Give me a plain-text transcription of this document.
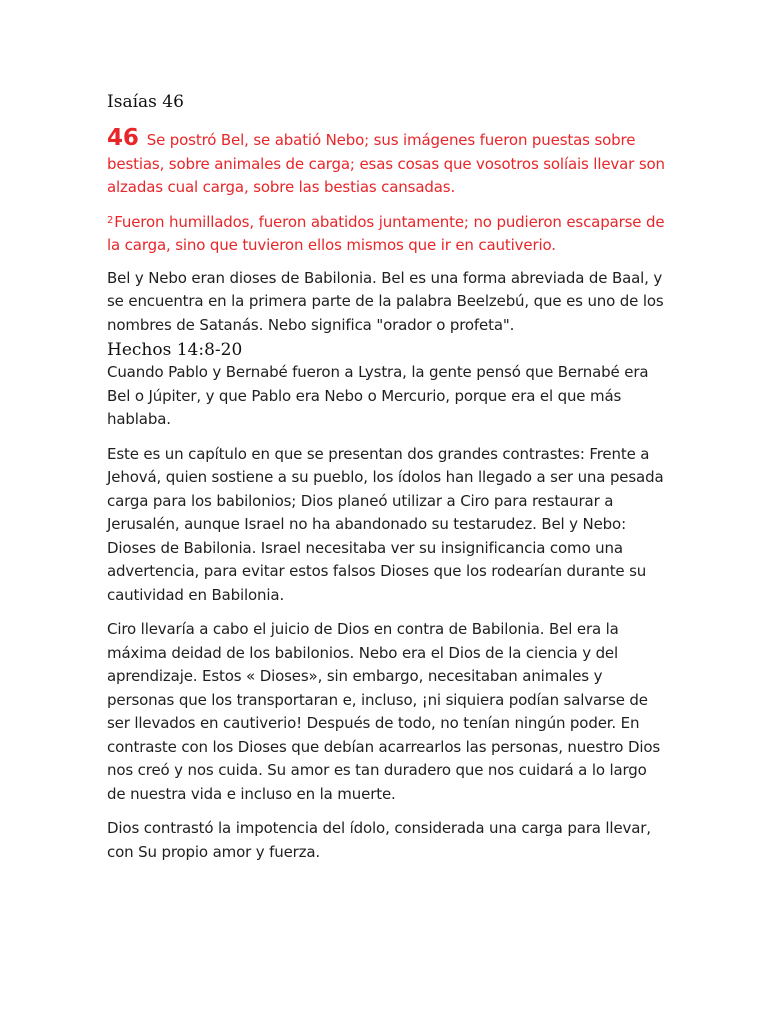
Isaías 46

46 Se postró Bel, se abatió Nebo; sus imágenes fueron puestas sobre bestias, sobre animales de carga; esas cosas que vosotros solíais llevar son alzadas cual carga, sobre las bestias cansadas.

$^2$Fueron humillados, fueron abatidos juntamente; no pudieron escaparse de la carga, sino que tuvieron ellos mismos que ir en cautiverio.

Bel y Nebo eran dioses de Babilonia. Bel es una forma abreviada de Baal, y se encuentra en la primera parte de la palabra Beelzebú, que es uno de los nombres de Satanás. Nebo significa "orador o profeta".

Hechos 14:8-20

Cuando Pablo y Bernabé fueron a Lystra, la gente pensó que Bernabé era Bel o Júpiter, y que Pablo era Nebo o Mercurio, porque era el que más hablaba.

Este es un capítulo en que se presentan dos grandes contrastes: Frente a Jehová, quien sostiene a su pueblo, los ídolos han llegado a ser una pesada carga para los babilonios; Dios planeó utilizar a Ciro para restaurar a Jerusalén, aunque Israel no ha abandonado su testarudez. Bel y Nebo: Dioses de Babilonia. Israel necesitaba ver su insignificancia como una advertencia, para evitar estos falsos Dioses que los rodearían durante su cautividad en Babilonia.

Ciro llevaría a cabo el juicio de Dios en contra de Babilonia. Bel era la máxima deidad de los babilonios. Nebo era el Dios de la ciencia y del aprendizaje. Estos « Dioses», sin embargo, necesitaban animales y personas que los transportaran e, incluso, ¡ni siquiera podían salvarse de ser llevados en cautiverio! Después de todo, no tenían ningún poder. En contraste con los Dioses que debían acarrearlos las personas, nuestro Dios nos creó y nos cuida. Su amor es tan duradero que nos cuidará a lo largo de nuestra vida e incluso en la muerte.

Dios contrastó la impotencia del ídolo, considerada una carga para llevar, con Su propio amor y fuerza.
